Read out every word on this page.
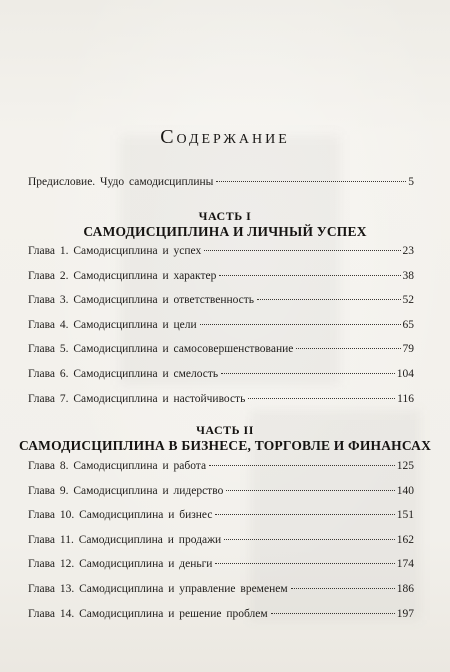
Содержание
Предисловие. Чудо самодисциплины	5
ЧАСТЬ I
САМОДИСЦИПЛИНА И ЛИЧНЫЙ УСПЕХ
Глава 1. Самодисциплина и успех	23
Глава 2. Самодисциплина и характер	38
Глава 3. Самодисциплина и ответственность	52
Глава 4. Самодисциплина и цели	65
Глава 5. Самодисциплина и самосовершенствование	79
Глава 6. Самодисциплина и смелость	104
Глава 7. Самодисциплина и настойчивость	116
ЧАСТЬ II
САМОДИСЦИПЛИНА В БИЗНЕСЕ, ТОРГОВЛЕ И ФИНАНСАХ
Глава 8. Самодисциплина и работа	125
Глава 9. Самодисциплина и лидерство	140
Глава 10. Самодисциплина и бизнес	151
Глава 11. Самодисциплина и продажи	162
Глава 12. Самодисциплина и деньги	174
Глава 13. Самодисциплина и управление временем	186
Глава 14. Самодисциплина и решение проблем	197
